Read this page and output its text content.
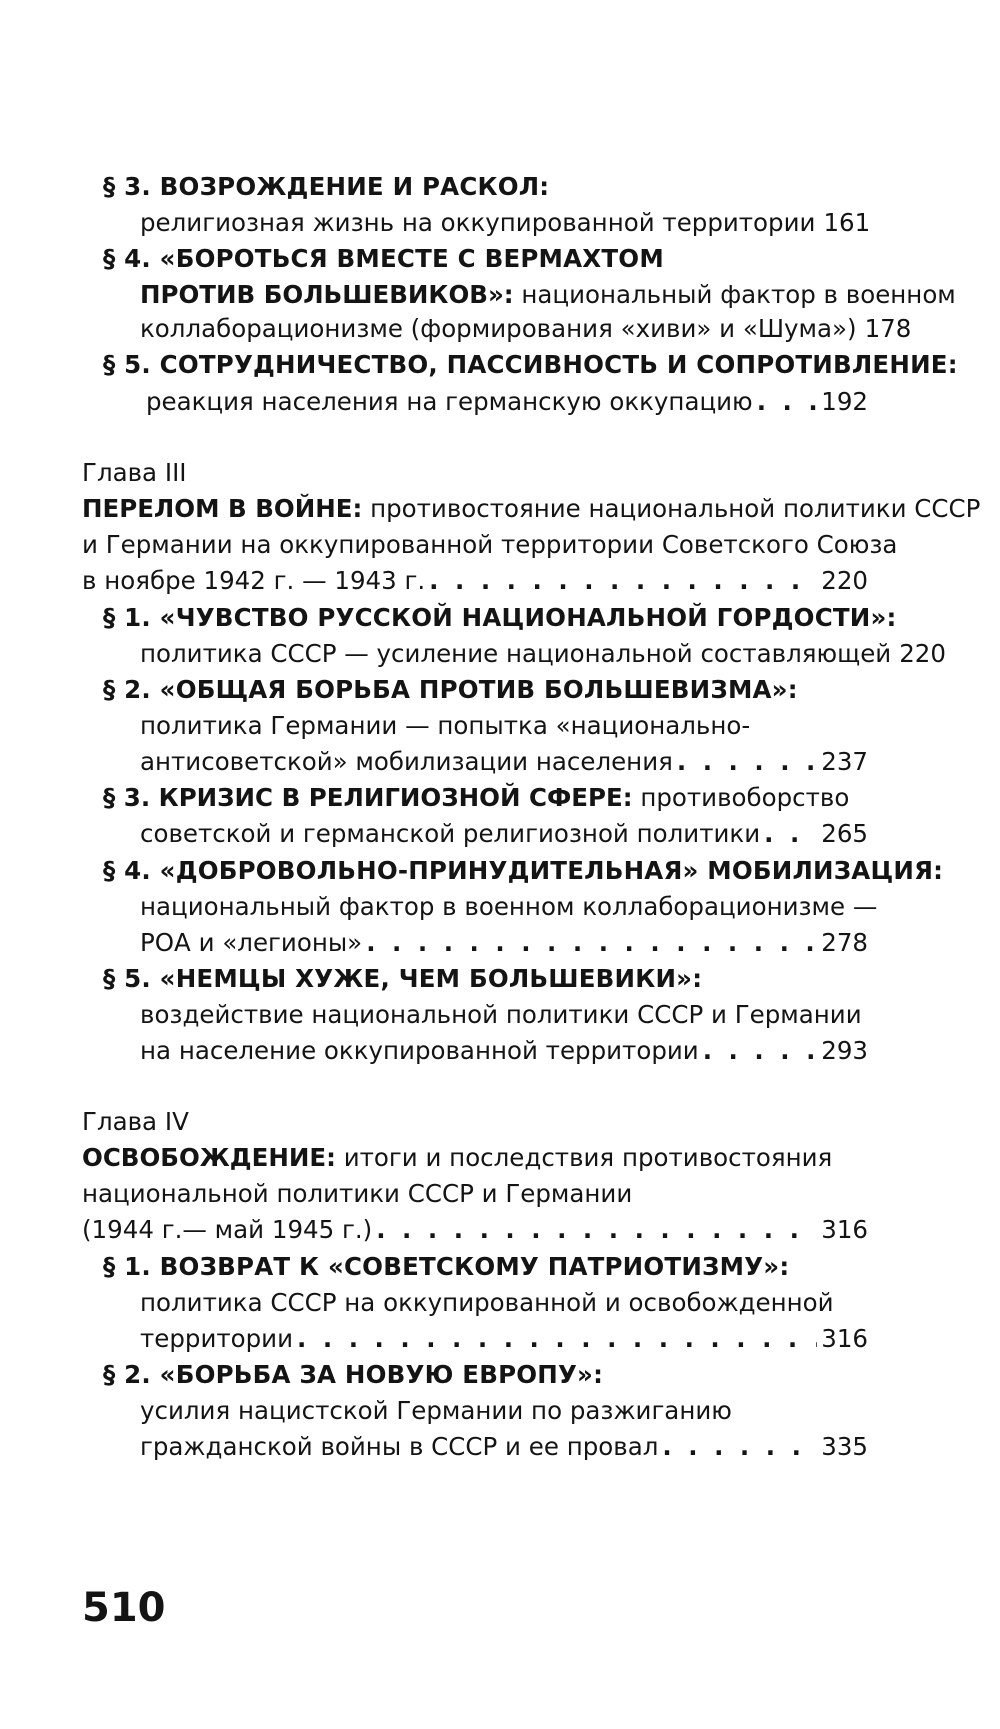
§ 3. ВОЗРОЖДЕНИЕ И РАСКОЛ:
религиозная жизнь на оккупированной территории 161
§ 4. «БОРОТЬСЯ ВМЕСТЕ С ВЕРМАХТОМ
ПРОТИВ БОЛЬШЕВИКОВ»: национальный фактор в военном
коллаборационизме (формирования «хиви» и «Шума») 178
§ 5. СОТРУДНИЧЕСТВО, ПАССИВНОСТЬ И СОПРОТИВЛЕНИЕ:
реакция населения на германскую оккупацию . . .	192
Глава III
ПЕРЕЛОМ В ВОЙНЕ: противостояние национальной политики СССР
и Германии на оккупированной территории Советского Союза
в ноябре 1942 г. — 1943 г. . . .	220
§ 1. «ЧУВСТВО РУССКОЙ НАЦИОНАЛЬНОЙ ГОРДОСТИ»:
политика СССР — усиление национальной составляющей 220
§ 2. «ОБЩАЯ БОРЬБА ПРОТИВ БОЛЬШЕВИЗМА»:
политика Германии — попытка «национально-
антисоветской» мобилизации населения . . .	237
§ 3. КРИЗИС В РЕЛИГИОЗНОЙ СФЕРЕ: противоборство
советской и германской религиозной политики . . . 265
§ 4. «ДОБРОВОЛЬНО-ПРИНУДИТЕЛЬНАЯ» МОБИЛИЗАЦИЯ:
национальный фактор в военном коллаборационизме —
РОА и «легионы» . . .	278
§ 5. «НЕМЦЫ ХУЖЕ, ЧЕМ БОЛЬШЕВИКИ»:
воздействие национальной политики СССР и Германии
на население оккупированной территории . . .	293
Глава IV
ОСВОБОЖДЕНИЕ: итоги и последствия противостояния
национальной политики СССР и Германии
(1944 г.— май 1945 г.) . . .	316
§ 1. ВОЗВРАТ К «СОВЕТСКОМУ ПАТРИОТИЗМУ»:
политика СССР на оккупированной и освобожденной
территории . . .	316
§ 2. «БОРЬБА ЗА НОВУЮ ЕВРОПУ»:
усилия нацистской Германии по разжиганию
гражданской войны в СССР и ее провал . . .	335
510
